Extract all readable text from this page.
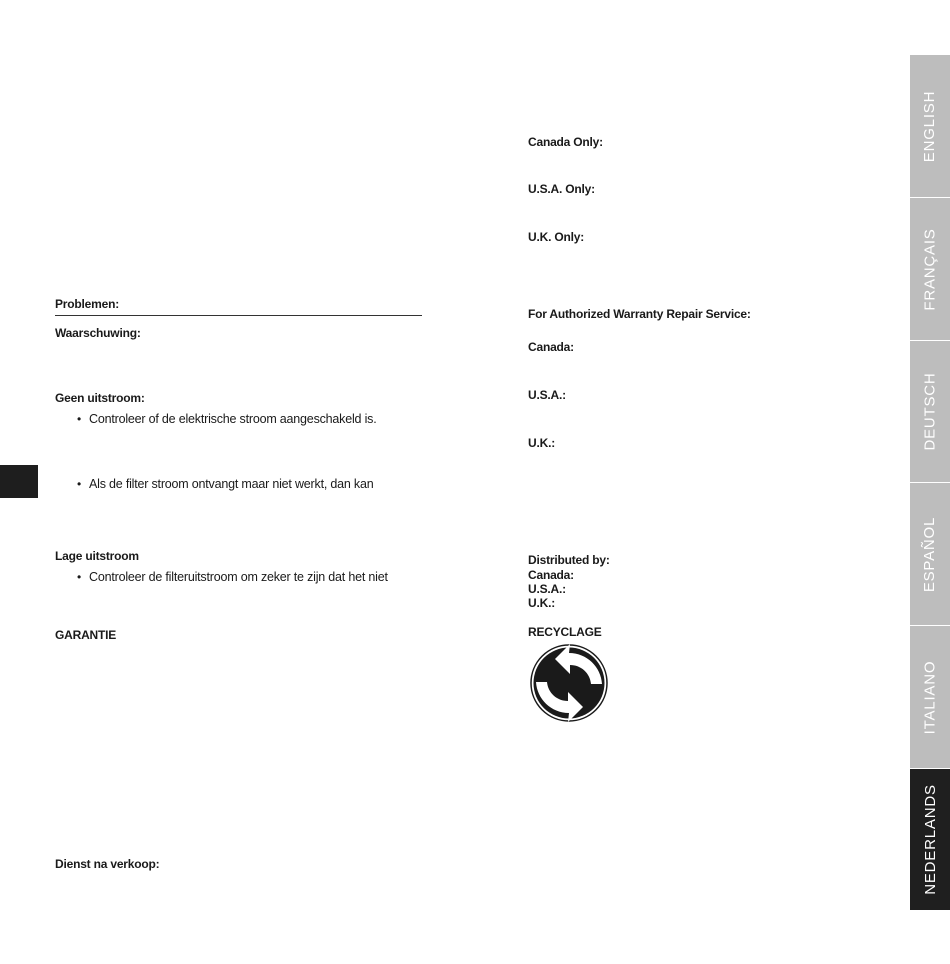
Problemen:
Waarschuwing:
Geen uitstroom:
• Controleer of de elektrische stroom aangeschakeld is.
• Als de filter stroom ontvangt maar niet werkt, dan kan
Lage uitstroom
• Controleer de filteruitstroom om zeker te zijn dat het niet
GARANTIE
Dienst na verkoop:
Canada Only:
U.S.A. Only:
U.K. Only:
For Authorized Warranty Repair Service:
Canada:
U.S.A.:
U.K.:
Distributed by:
Canada:
U.S.A.:
U.K.:
RECYCLAGE
ENGLISH
FRANÇAIS
DEUTSCH
ESPAÑOL
ITALIANO
NEDERLANDS
